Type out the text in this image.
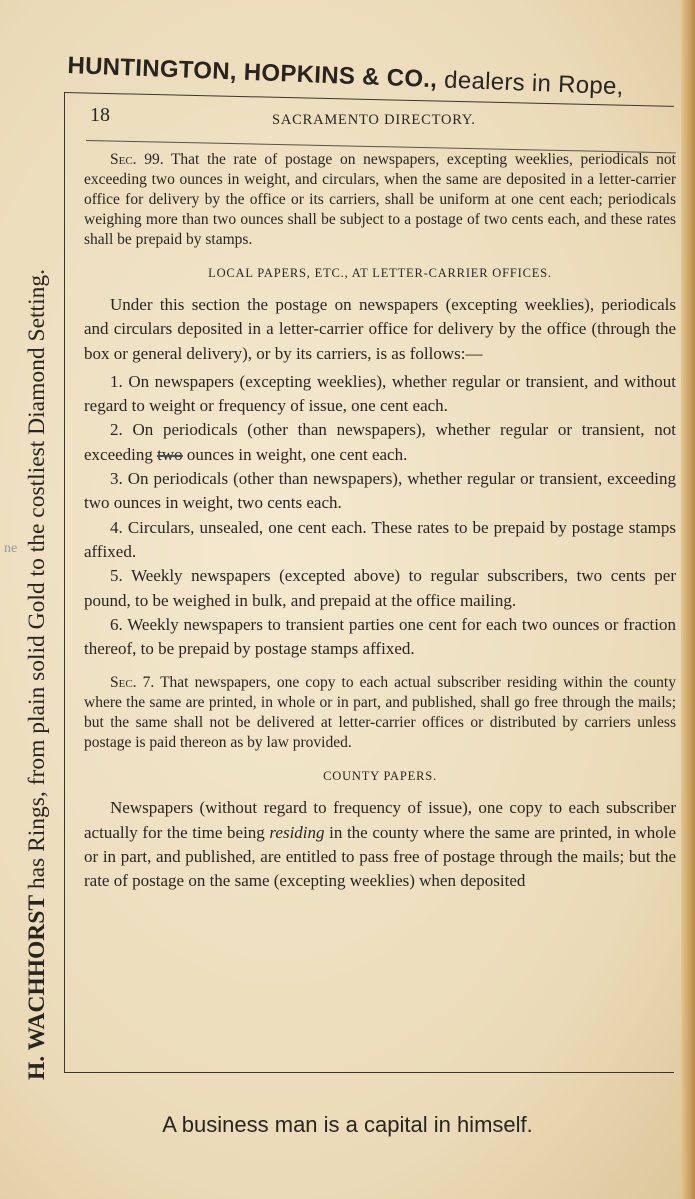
HUNTINGTON, HOPKINS & CO., dealers in Rope,
H. WACHHORST has Rings, from plain solid Gold to the costliest Diamond Setting.
ne
18	SACRAMENTO DIRECTORY.

Sec. 99. That the rate of postage on newspapers, excepting weeklies, periodicals not exceeding two ounces in weight, and circulars, when the same are deposited in a letter-carrier office for delivery by the office or its carriers, shall be uniform at one cent each; periodicals weighing more than two ounces shall be subject to a postage of two cents each, and these rates shall be prepaid by stamps.

LOCAL PAPERS, ETC., AT LETTER-CARRIER OFFICES.

Under this section the postage on newspapers (excepting weeklies), periodicals and circulars deposited in a letter-carrier office for delivery by the office (through the box or general delivery), or by its carriers, is as follows:—

1. On newspapers (excepting weeklies), whether regular or transient, and without regard to weight or frequency of issue, one cent each.

2. On periodicals (other than newspapers), whether regular or transient, not exceeding two ounces in weight, one cent each.

3. On periodicals (other than newspapers), whether regular or transient, exceeding two ounces in weight, two cents each.

4. Circulars, unsealed, one cent each. These rates to be prepaid by postage stamps affixed.

5. Weekly newspapers (excepted above) to regular subscribers, two cents per pound, to be weighed in bulk, and prepaid at the office mailing.

6. Weekly newspapers to transient parties one cent for each two ounces or fraction thereof, to be prepaid by postage stamps affixed.

Sec. 7. That newspapers, one copy to each actual subscriber residing within the county where the same are printed, in whole or in part, and published, shall go free through the mails; but the same shall not be delivered at letter-carrier offices or distributed by carriers unless postage is paid thereon as by law provided.

COUNTY PAPERS.

Newspapers (without regard to frequency of issue), one copy to each subscriber actually for the time being residing in the county where the same are printed, in whole or in part, and published, are entitled to pass free of postage through the mails; but the rate of postage on the same (excepting weeklies) when deposited

A business man is a capital in himself.
